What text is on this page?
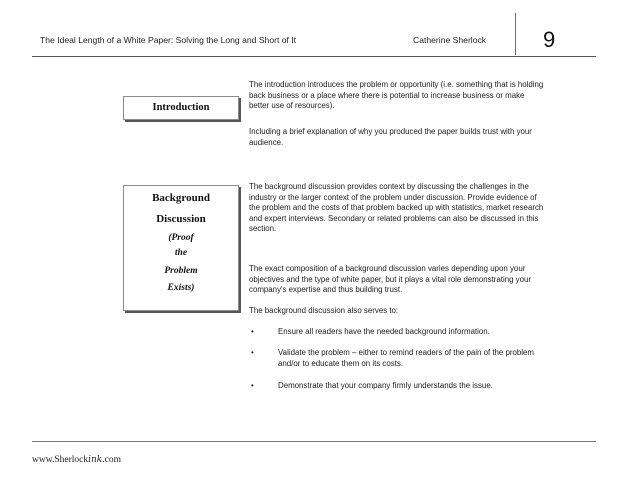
The Ideal Length of a White Paper: Solving the Long and Short of It	Catherine Sherlock	9
Introduction

The introduction introduces the problem or opportunity (i.e. something that is holding back business or a place where there is potential to increase business or make better use of resources).

Including a brief explanation of why you produced the paper builds trust with your audience.

Background
Discussion
(Proof
the
Problem
Exists)

The background discussion provides context by discussing the challenges in the industry or the larger context of the problem under discussion. Provide evidence of the problem and the costs of that problem backed up with statistics, market research and expert interviews. Secondary or related problems can also be discussed in this section.

The exact composition of a background discussion varies depending upon your objectives and the type of white paper, but it plays a vital role demonstrating your company's expertise and thus building trust.

The background discussion also serves to:

•	Ensure all readers have the needed background information.
•	Validate the problem – either to remind readers of the pain of the problem and/or to educate them on its costs.
•	Demonstrate that your company firmly understands the issue.
www.Sherlockink.com
